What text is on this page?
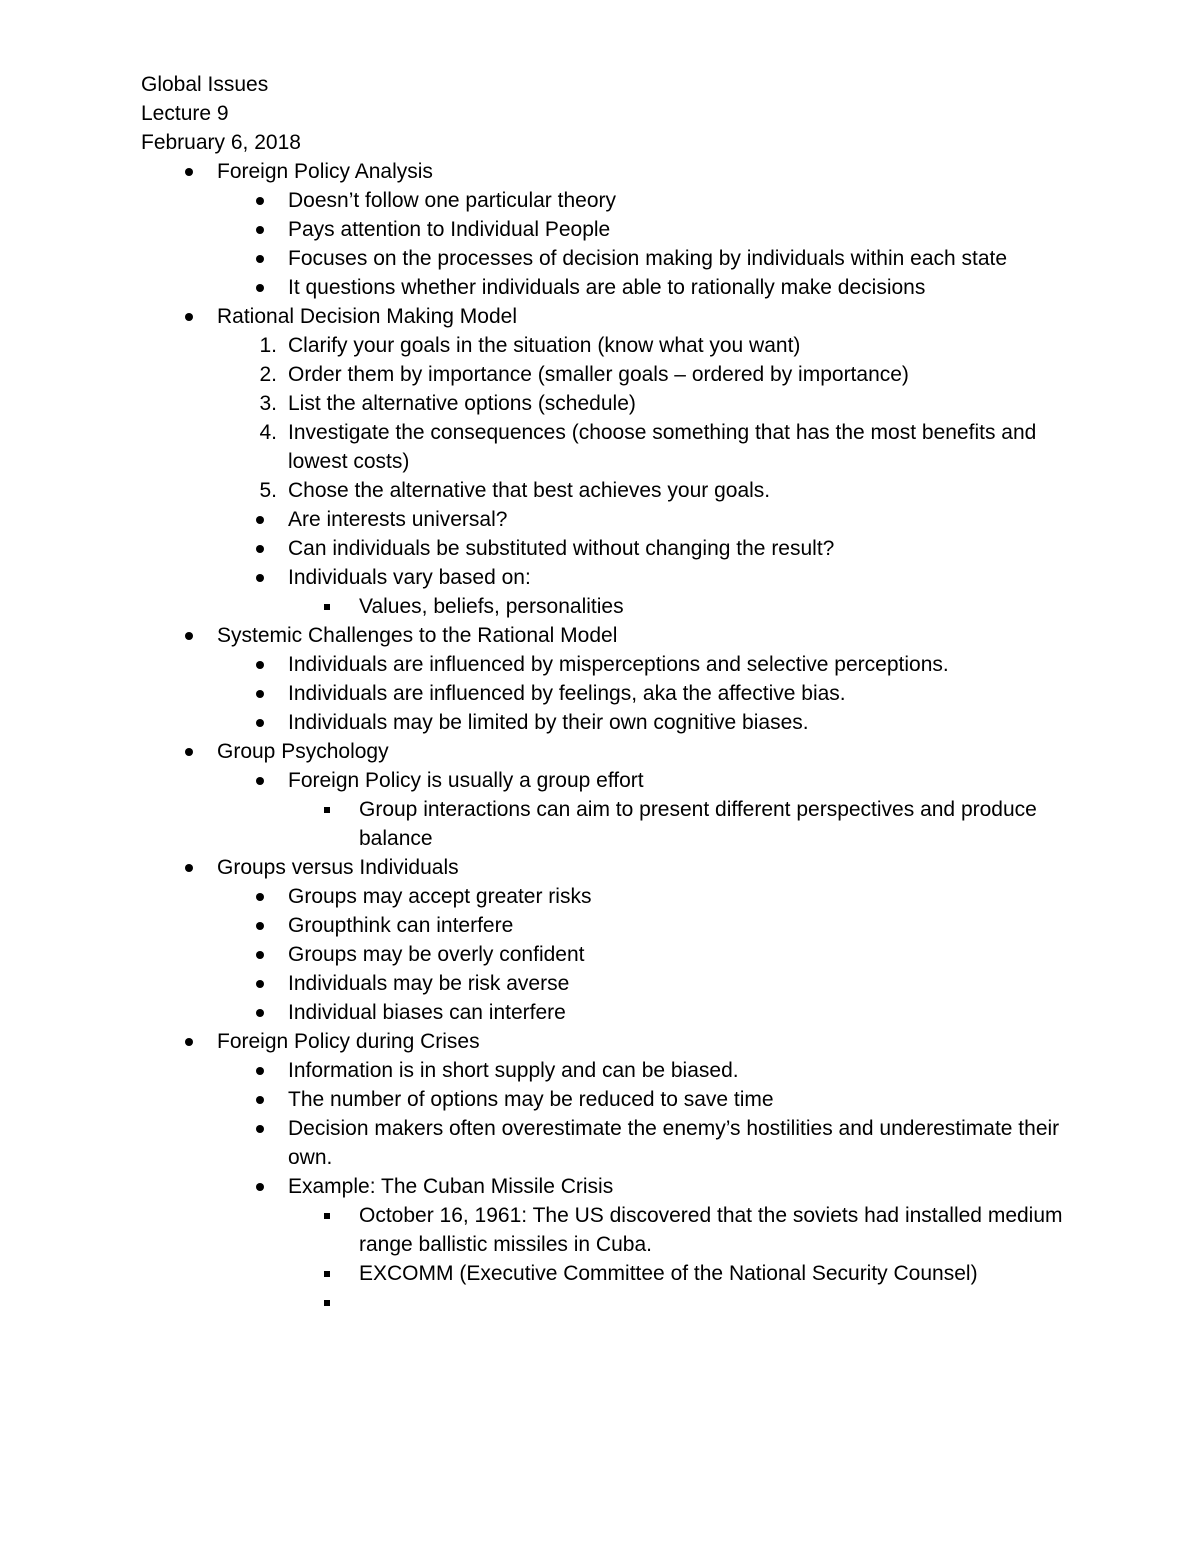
Global Issues
Lecture 9
February 6, 2018
Foreign Policy Analysis
Doesn’t follow one particular theory
Pays attention to Individual People
Focuses on the processes of decision making by individuals within each state
It questions whether individuals are able to rationally make decisions
Rational Decision Making Model
1. Clarify your goals in the situation (know what you want)
2. Order them by importance (smaller goals – ordered by importance)
3. List the alternative options (schedule)
4. Investigate the consequences (choose something that has the most benefits and lowest costs)
5. Chose the alternative that best achieves your goals.
Are interests universal?
Can individuals be substituted without changing the result?
Individuals vary based on:
Values, beliefs, personalities
Systemic Challenges to the Rational Model
Individuals are influenced by misperceptions and selective perceptions.
Individuals are influenced by feelings, aka the affective bias.
Individuals may be limited by their own cognitive biases.
Group Psychology
Foreign Policy is usually a group effort
Group interactions can aim to present different perspectives and produce balance
Groups versus Individuals
Groups may accept greater risks
Groupthink can interfere
Groups may be overly confident
Individuals may be risk averse
Individual biases can interfere
Foreign Policy during Crises
Information is in short supply and can be biased.
The number of options may be reduced to save time
Decision makers often overestimate the enemy’s hostilities and underestimate their own.
Example: The Cuban Missile Crisis
October 16, 1961: The US discovered that the soviets had installed medium range ballistic missiles in Cuba.
EXCOMM (Executive Committee of the National Security Counsel)
